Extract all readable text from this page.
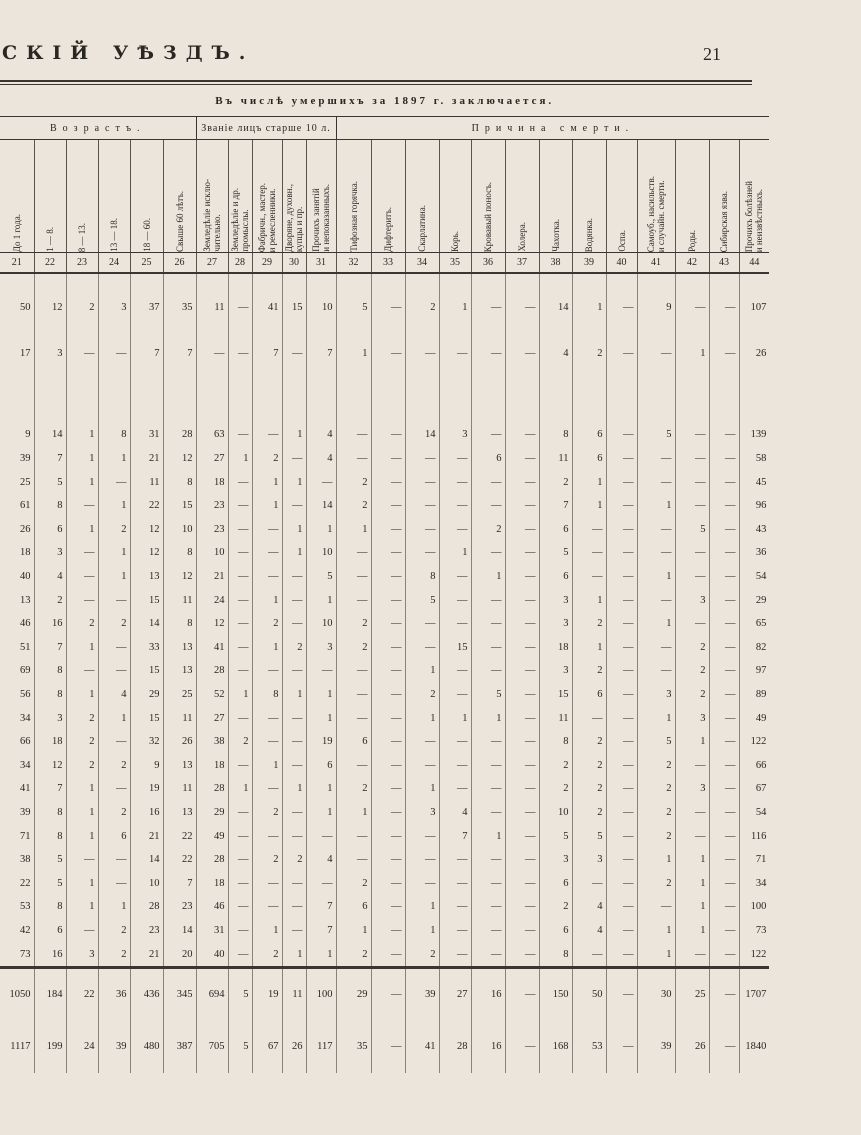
СКІЙ УѢЗДЪ.	21
Въ числѣ умершихъ за 1897 г. заключается.																							
Возрастъ.						Званіе лицъ старше 10 л.					Причина смерти.												

До 1 года.	1 — 8.	8 — 13.	13 — 18.	18 — 60.	Свыше 60 лѣтъ.	Земледѣліе исклю-
чительно.	Земледѣліе и др.
промыслы.	Фабричн., мастер.
и ремесленники.	Дворяне, духовн.,
купцы и пр.	Прочихъ занятій
и непоказанныхъ.	Тифозная горячка.	Дифтеритъ.	Скарлатина.	Корь.	Кровавый поносъ.	Холера.	Чахотка.	Водянка.	Оспа.	Самоуб., насильств.
и случайн. смерти.	Роды.	Сибирская язва.	Прочихъ болѣзней
и неизвѣстныхъ.

21	22	23	24	25	26	27	28	29	30	31	32	33	34	35	36	37	38	39	40	41	42	43	44
50	12	2	3	37	35	11	—	41	15	10	5	—	2	1	—	—	14	1	—	9	—	—	107
17	3	—	—	7	7	—	—	7	—	7	1	—	—	—	—	—	4	2	—	—	1	—	26

9	14	1	8	31	28	63	—	—	1	4	—	—	14	3	—	—	8	6	—	5	—	—	139
39	7	1	1	21	12	27	1	2	—	4	—	—	—	—	6	—	11	6	—	—	—	—	58
25	5	1	—	11	8	18	—	1	1	—	2	—	—	—	—	—	2	1	—	—	—	—	45
61	8	—	1	22	15	23	—	1	—	14	2	—	—	—	—	—	7	1	—	1	—	—	96
26	6	1	2	12	10	23	—	—	1	1	1	—	—	—	2	—	6	—	—	—	5	—	43
18	3	—	1	12	8	10	—	—	1	10	—	—	—	1	—	—	5	—	—	—	—	—	36
40	4	—	1	13	12	21	—	—	—	5	—	—	8	—	1	—	6	—	—	1	—	—	54
13	2	—	—	15	11	24	—	1	—	1	—	—	5	—	—	—	3	1	—	—	3	—	29
46	16	2	2	14	8	12	—	2	—	10	2	—	—	—	—	—	3	2	—	1	—	—	65
51	7	1	—	33	13	41	—	1	2	3	2	—	—	15	—	—	18	1	—	—	2	—	82
69	8	—	—	15	13	28	—	—	—	—	—	—	1	—	—	—	3	2	—	—	2	—	97
56	8	1	4	29	25	52	1	8	1	1	—	—	2	—	5	—	15	6	—	3	2	—	89
34	3	2	1	15	11	27	—	—	—	1	—	—	1	1	1	—	11	—	—	1	3	—	49
66	18	2	—	32	26	38	2	—	—	19	6	—	—	—	—	—	8	2	—	5	1	—	122
34	12	2	2	9	13	18	—	1	—	6	—	—	—	—	—	—	2	2	—	2	—	—	66
41	7	1	—	19	11	28	1	—	1	1	2	—	1	—	—	—	2	2	—	2	3	—	67
39	8	1	2	16	13	29	—	2	—	1	1	—	3	4	—	—	10	2	—	2	—	—	54
71	8	1	6	21	22	49	—	—	—	—	—	—	—	7	1	—	5	5	—	2	—	—	116
38	5	—	—	14	22	28	—	2	2	4	—	—	—	—	—	—	3	3	—	1	1	—	71
22	5	1	—	10	7	18	—	—	—	—	2	—	—	—	—	—	6	—	—	2	1	—	34
53	8	1	1	28	23	46	—	—	—	7	6	—	1	—	—	—	2	4	—	—	1	—	100
42	6	—	2	23	14	31	—	1	—	7	1	—	1	—	—	—	6	4	—	1	1	—	73
73	16	3	2	21	20	40	—	2	1	1	2	—	2	—	—	—	8	—	—	1	—	—	122

1050	184	22	36	436	345	694	5	19	11	100	29	—	39	27	16	—	150	50	—	30	25	—	1707
1117	199	24	39	480	387	705	5	67	26	117	35	—	41	28	16	—	168	53	—	39	26	—	1840
